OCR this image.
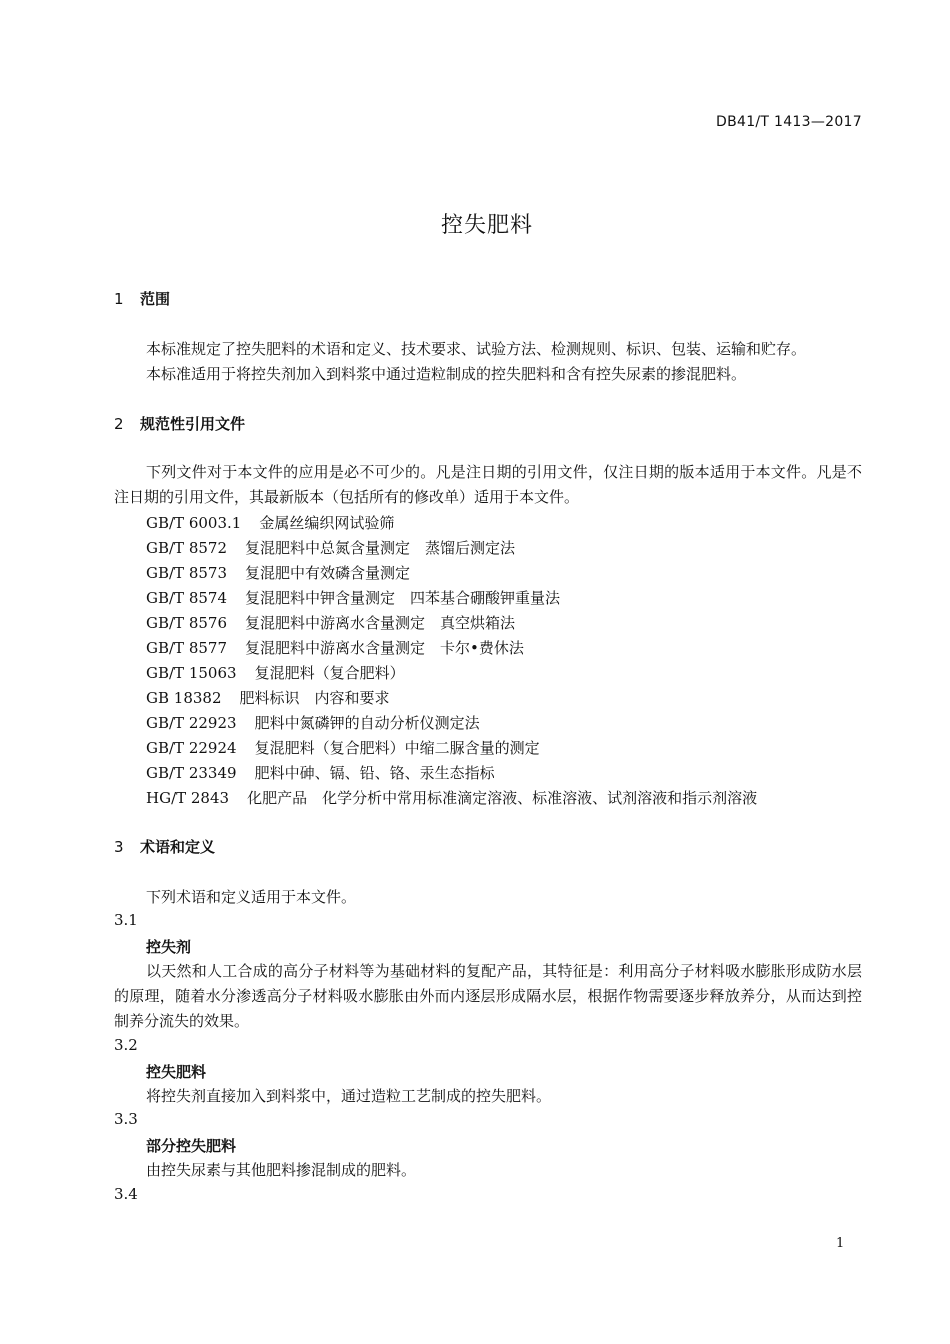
DB41/T 1413—2017
控失肥料
1 范围
本标准规定了控失肥料的术语和定义、技术要求、试验方法、检测规则、标识、包装、运输和贮存。
本标准适用于将控失剂加入到料浆中通过造粒制成的控失肥料和含有控失尿素的掺混肥料。
2 规范性引用文件
下列文件对于本文件的应用是必不可少的。凡是注日期的引用文件，仅注日期的版本适用于本文件。凡是不注日期的引用文件，其最新版本（包括所有的修改单）适用于本文件。
GB/T 6003.1 金属丝编织网试验筛
GB/T 8572 复混肥料中总氮含量测定　蒸馏后测定法
GB/T 8573 复混肥中有效磷含量测定
GB/T 8574 复混肥料中钾含量测定　四苯基合硼酸钾重量法
GB/T 8576 复混肥料中游离水含量测定　真空烘箱法
GB/T 8577 复混肥料中游离水含量测定　卡尔•费休法
GB/T 15063 复混肥料（复合肥料）
GB 18382 肥料标识　内容和要求
GB/T 22923 肥料中氮磷钾的自动分析仪测定法
GB/T 22924 复混肥料（复合肥料）中缩二脲含量的测定
GB/T 23349 肥料中砷、镉、铅、铬、汞生态指标
HG/T 2843 化肥产品　化学分析中常用标准滴定溶液、标准溶液、试剂溶液和指示剂溶液
3 术语和定义
下列术语和定义适用于本文件。
3.1
控失剂
以天然和人工合成的高分子材料等为基础材料的复配产品，其特征是：利用高分子材料吸水膨胀形成防水层的原理，随着水分渗透高分子材料吸水膨胀由外而内逐层形成隔水层，根据作物需要逐步释放养分，从而达到控制养分流失的效果。
3.2
控失肥料
将控失剂直接加入到料浆中，通过造粒工艺制成的控失肥料。
3.3
部分控失肥料
由控失尿素与其他肥料掺混制成的肥料。
3.4
1
